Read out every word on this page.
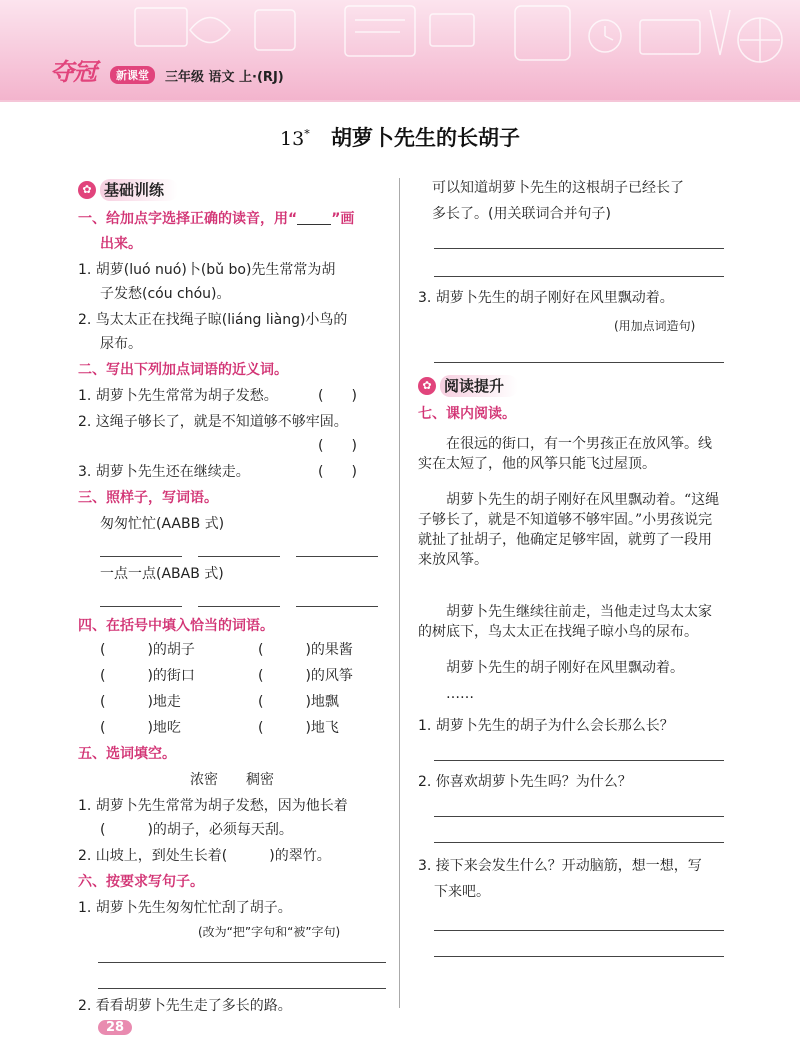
夺冠	新课堂	三年级 语文 上·(RJ)
13* 胡萝卜先生的长胡子
✿ 基础训练
一、给加点字选择正确的读音，用“ ”画
出来。
1. 胡萝(luó nuó)卜(bǔ bo)先生常常为胡
子发愁(cóu chóu)。
2. 鸟太太正在找绳子晾(liáng liàng)小鸟的
尿布。
二、写出下列加点词语的近义词。
1. 胡萝卜先生常常为胡子发愁。	(　　)
2. 这绳子够长了，就是不知道够不够牢固。
(　　)
3. 胡萝卜先生还在继续走。	(　　)
三、照样子，写词语。
匆匆忙忙(AABB 式)
一点一点(ABAB 式)
四、在括号中填入恰当的词语。
(　　　)的胡子	(　　　)的果酱
(　　　)的街口	(　　　)的风筝
(　　　)地走	(　　　)地飘
(　　　)地吃	(　　　)地飞
五、选词填空。
浓密　　稠密
1. 胡萝卜先生常常为胡子发愁，因为他长着
(　　　)的胡子，必须每天刮。
2. 山坡上，到处生长着(　　　)的翠竹。
六、按要求写句子。
1. 胡萝卜先生匆匆忙忙刮了胡子。
(改为“把”字句和“被”字句)
2. 看看胡萝卜先生走了多长的路。
可以知道胡萝卜先生的这根胡子已经长了
多长了。(用关联词合并句子)
3. 胡萝卜先生的胡子刚好在风里飘动着。
(用加点词造句)
✿ 阅读提升
七、课内阅读。
在很远的街口，有一个男孩正在放风筝。线实在太短了，他的风筝只能飞过屋顶。
胡萝卜先生的胡子刚好在风里飘动着。“这绳子够长了，就是不知道够不够牢固。”小男孩说完就扯了扯胡子，他确定足够牢固，就剪了一段用来放风筝。
胡萝卜先生继续往前走，当他走过鸟太太家的树底下，鸟太太正在找绳子晾小鸟的尿布。
胡萝卜先生的胡子刚好在风里飘动着。
……
1. 胡萝卜先生的胡子为什么会长那么长？
2. 你喜欢胡萝卜先生吗？为什么？
3. 接下来会发生什么？开动脑筋，想一想，写
下来吧。
28
